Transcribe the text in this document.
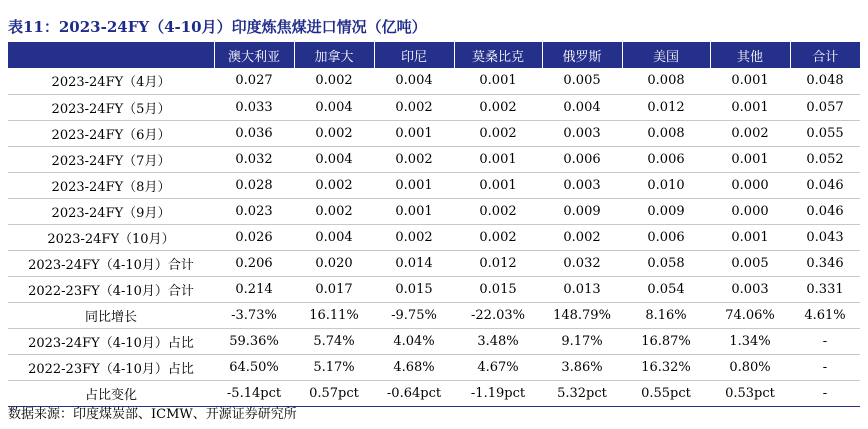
表11：2023-24FY（4-10月）印度炼焦煤进口情况（亿吨）
	澳大利亚	加拿大	印尼	莫桑比克	俄罗斯	美国	其他	合计
2023-24FY（4月）	0.027	0.002	0.004	0.001	0.005	0.008	0.001	0.048
2023-24FY（5月）	0.033	0.004	0.002	0.002	0.004	0.012	0.001	0.057
2023-24FY（6月）	0.036	0.002	0.001	0.002	0.003	0.008	0.002	0.055
2023-24FY（7月）	0.032	0.004	0.002	0.001	0.006	0.006	0.001	0.052
2023-24FY（8月）	0.028	0.002	0.001	0.001	0.003	0.010	0.000	0.046
2023-24FY（9月）	0.023	0.002	0.001	0.002	0.009	0.009	0.000	0.046
2023-24FY（10月）	0.026	0.004	0.002	0.002	0.002	0.006	0.001	0.043
2023-24FY（4-10月）合计	0.206	0.020	0.014	0.012	0.032	0.058	0.005	0.346
2022-23FY（4-10月）合计	0.214	0.017	0.015	0.015	0.013	0.054	0.003	0.331
同比增长	-3.73%	16.11%	-9.75%	-22.03%	148.79%	8.16%	74.06%	4.61%
2023-24FY（4-10月）占比	59.36%	5.74%	4.04%	3.48%	9.17%	16.87%	1.34%	-
2022-23FY（4-10月）占比	64.50%	5.17%	4.68%	4.67%	3.86%	16.32%	0.80%	-
占比变化	-5.14pct	0.57pct	-0.64pct	-1.19pct	5.32pct	0.55pct	0.53pct	-
数据来源：印度煤炭部、ICMW、开源证券研究所
